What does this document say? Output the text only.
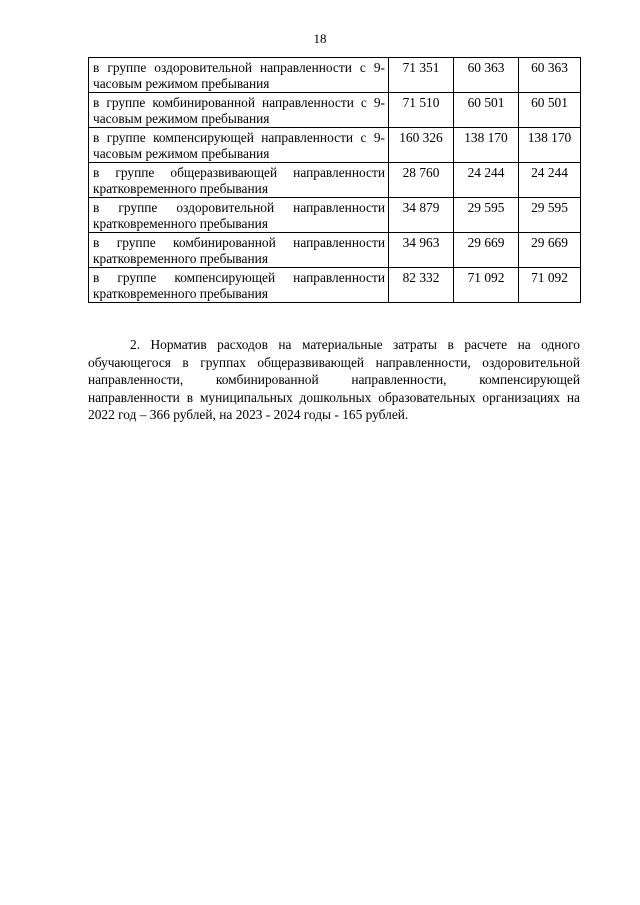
18
в группе оздоровительной направленности с 9-часовым режимом пребывания	71 351	60 363	60 363
в группе комбинированной направленности с 9-часовым режимом пребывания	71 510	60 501	60 501
в группе компенсирующей направленности с 9-часовым режимом пребывания	160 326	138 170	138 170
в группе общеразвивающей направленности кратковременного пребывания	28 760	24 244	24 244
в группе оздоровительной направленности кратковременного пребывания	34 879	29 595	29 595
в группе комбинированной направленности кратковременного пребывания	34 963	29 669	29 669
в группе компенсирующей направленности кратковременного пребывания	82 332	71 092	71 092

2. Норматив расходов на материальные затраты в расчете на одного обучающегося в группах общеразвивающей направленности, оздоровительной направленности, комбинированной направленности, компенсирующей направленности в муниципальных дошкольных образовательных организациях на 2022 год – 366 рублей, на 2023 - 2024 годы - 165 рублей.
